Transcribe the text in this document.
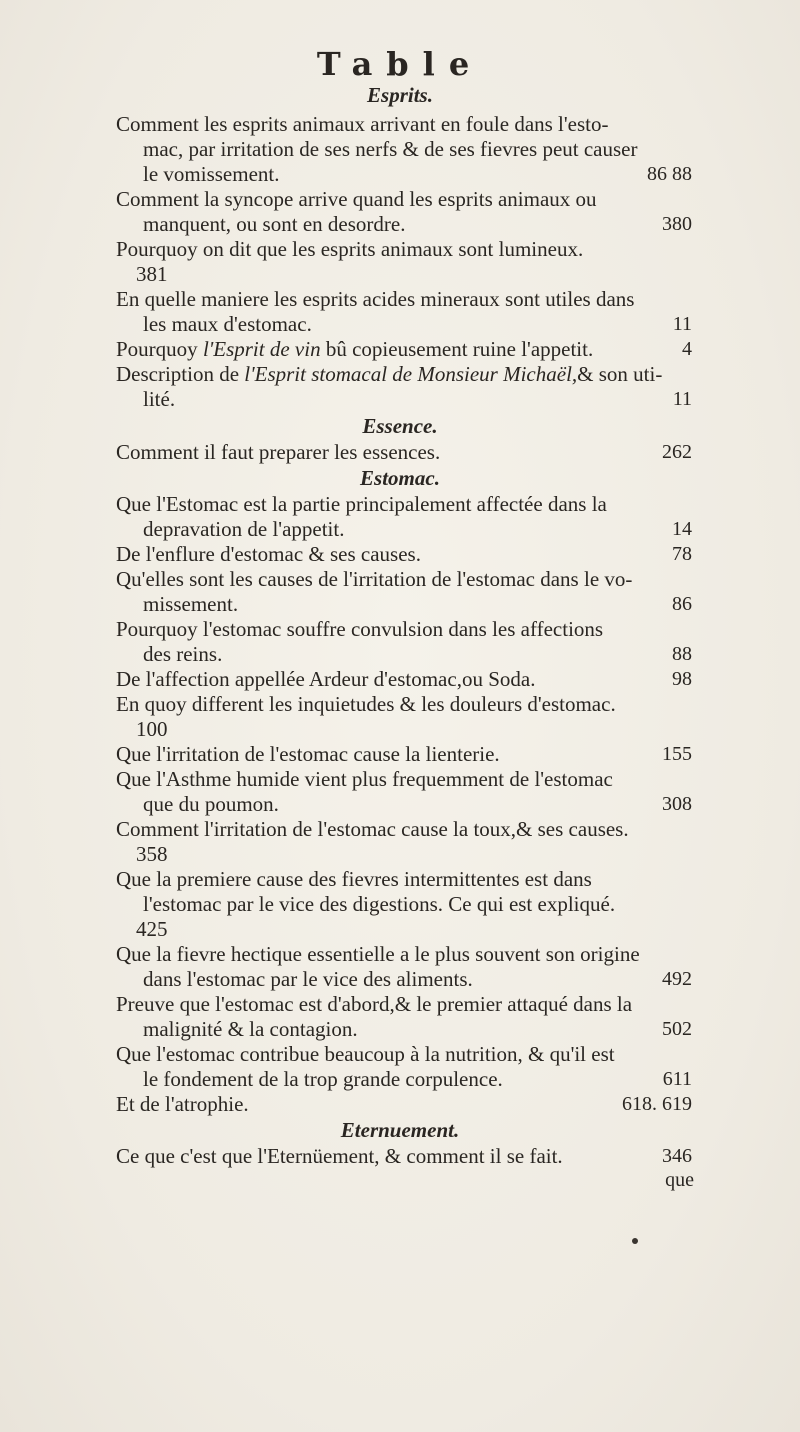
Table
Esprits.
Comment les esprits animaux arrivant en foule dans l'esto-
mac, par irritation de ses nerfs & de ses fievres peut causer
le vomissement.	86 88
Comment la syncope arrive quand les esprits animaux ou
manquent, ou sont en desordre.	380
Pourquoy on dit que les esprits animaux sont lumineux.
381
En quelle maniere les esprits acides mineraux sont utiles dans
les maux d'estomac.	11
Pourquoy l'Esprit de vin bû copieusement ruine l'appetit.	4
Description de l'Esprit stomacal de Monsieur Michaël,& son uti-
lité.	11
Essence.
Comment il faut preparer les essences.	262
Estomac.
Que l'Estomac est la partie principalement affectée dans la
depravation de l'appetit.	14
De l'enflure d'estomac & ses causes.	78
Qu'elles sont les causes de l'irritation de l'estomac dans le vo-
missement.	86
Pourquoy l'estomac souffre convulsion dans les affections
des reins.	88
De l'affection appellée Ardeur d'estomac,ou Soda.	98
En quoy different les inquietudes & les douleurs d'estomac.
100
Que l'irritation de l'estomac cause la lienterie.	155
Que l'Asthme humide vient plus frequemment de l'estomac
que du poumon.	308
Comment l'irritation de l'estomac cause la toux,& ses causes.
358
Que la premiere cause des fievres intermittentes est dans
l'estomac par le vice des digestions. Ce qui est expliqué.
425
Que la fievre hectique essentielle a le plus souvent son origine
dans l'estomac par le vice des aliments.	492
Preuve que l'estomac est d'abord,& le premier attaqué dans la
malignité & la contagion.	502
Que l'estomac contribue beaucoup à la nutrition, & qu'il est
le fondement de la trop grande corpulence.	611
Et de l'atrophie.	618. 619
Eternuement.
Ce que c'est que l'Eternüement, & comment il se fait.	346
que
